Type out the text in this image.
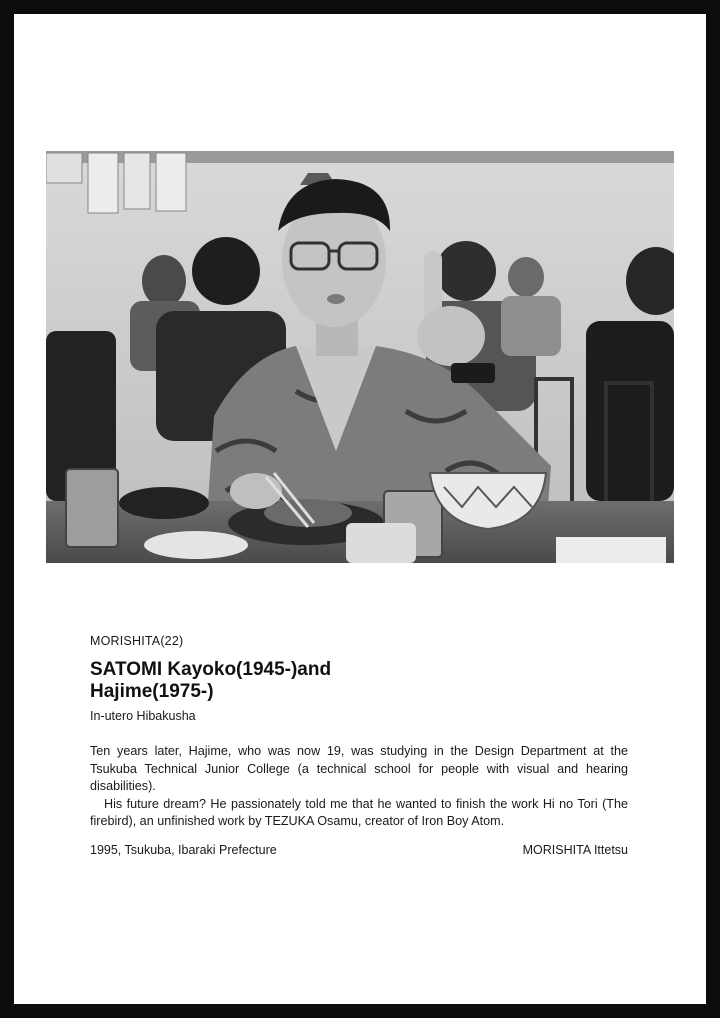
MORISHITA(22)
SATOMI Kayoko(1945-)and
Hajime(1975-)
In-utero Hibakusha

Ten years later, Hajime, who was now 19, was studying in the Design Department at the Tsukuba Technical Junior College (a technical school for people with visual and hearing disabilities).

His future dream? He passionately told me that he wanted to finish the work Hi no Tori (The firebird), an unfinished work by TEZUKA Osamu, creator of Iron Boy Atom.

1995, Tsukuba, Ibaraki Prefecture	MORISHITA Ittetsu
